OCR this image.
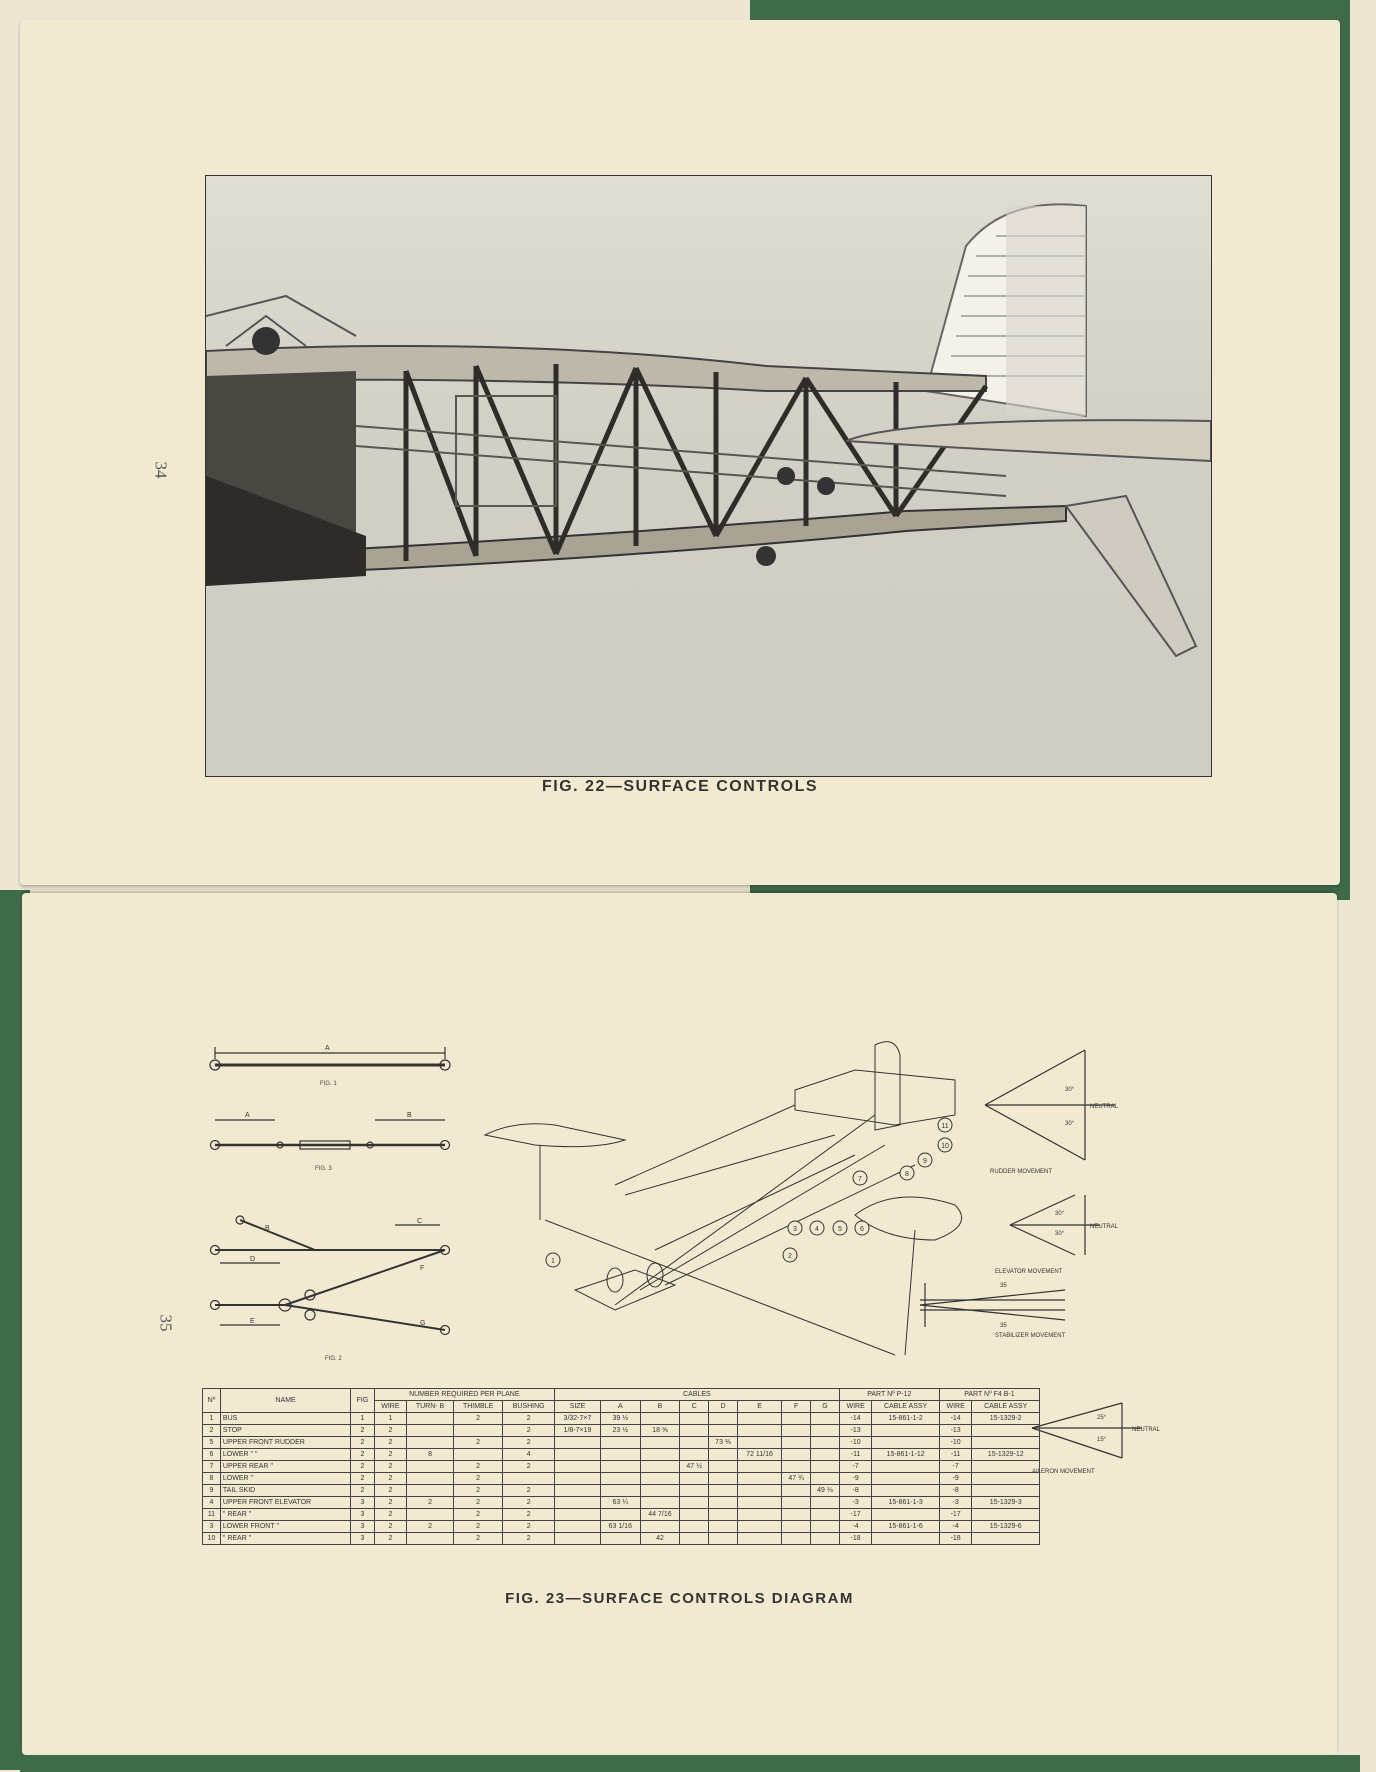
34
FIG. 22—SURFACE CONTROLS
35
A
FIG. 1
A	B
FIG. 3
B
C
D
E
F
G
FIG. 2
1
2
3	4	5	6
7
8
9
10
11
30°
30°
NEUTRAL
RUDDER MOVEMENT
30°
30°
NEUTRAL
ELEVATOR MOVEMENT
35
35
STABILIZER MOVEMENT
25°
15°
NEUTRAL
AILERON MOVEMENT
Nº	NAME	FIG	NUMBER REQUIRED PER PLANE				CABLES								PART Nº P-12		PART Nº F4 B-1	
			WIRE	TURN- B	THIMBLE	BUSHING	SIZE	A	B	C	D	E	F	G	WIRE	CABLE ASSY	WIRE	CABLE ASSY
1	BUS	1	1		2	2	3/32-7×7	39 ½							-14	15-861-1-2	-14	15-1329-2
2	STOP	2	2			2	1/8-7×19	23 ½	18 ⅝						-13		-13	
5	UPPER FRONT RUDDER	2	2		2	2					73 ⅜				-10		-10	
6	LOWER " "	2	2	8		4						72 11/16			-11	15-861-1-12	-11	15-1329-12
7	UPPER REAR "	2	2		2	2				47 ½					-7		-7	
8	LOWER "	2	2		2								47 ¾		-9		-9	
9	TAIL SKID	2	2		2	2								49 ⅛	-8		-8	
4	UPPER FRONT ELEVATOR	3	2	2	2	2		63 ¼							-3	15-861-1-3	-3	15-1329-3
11	" REAR "	3	2		2	2			44 7/16						-17		-17	
3	LOWER FRONT "	3	2	2	2	2		63 1/16							-4	15-861-1-6	-4	15-1329-6
10	" REAR "	3	2		2	2			42						-18		-18	
FIG. 23—SURFACE CONTROLS DIAGRAM
